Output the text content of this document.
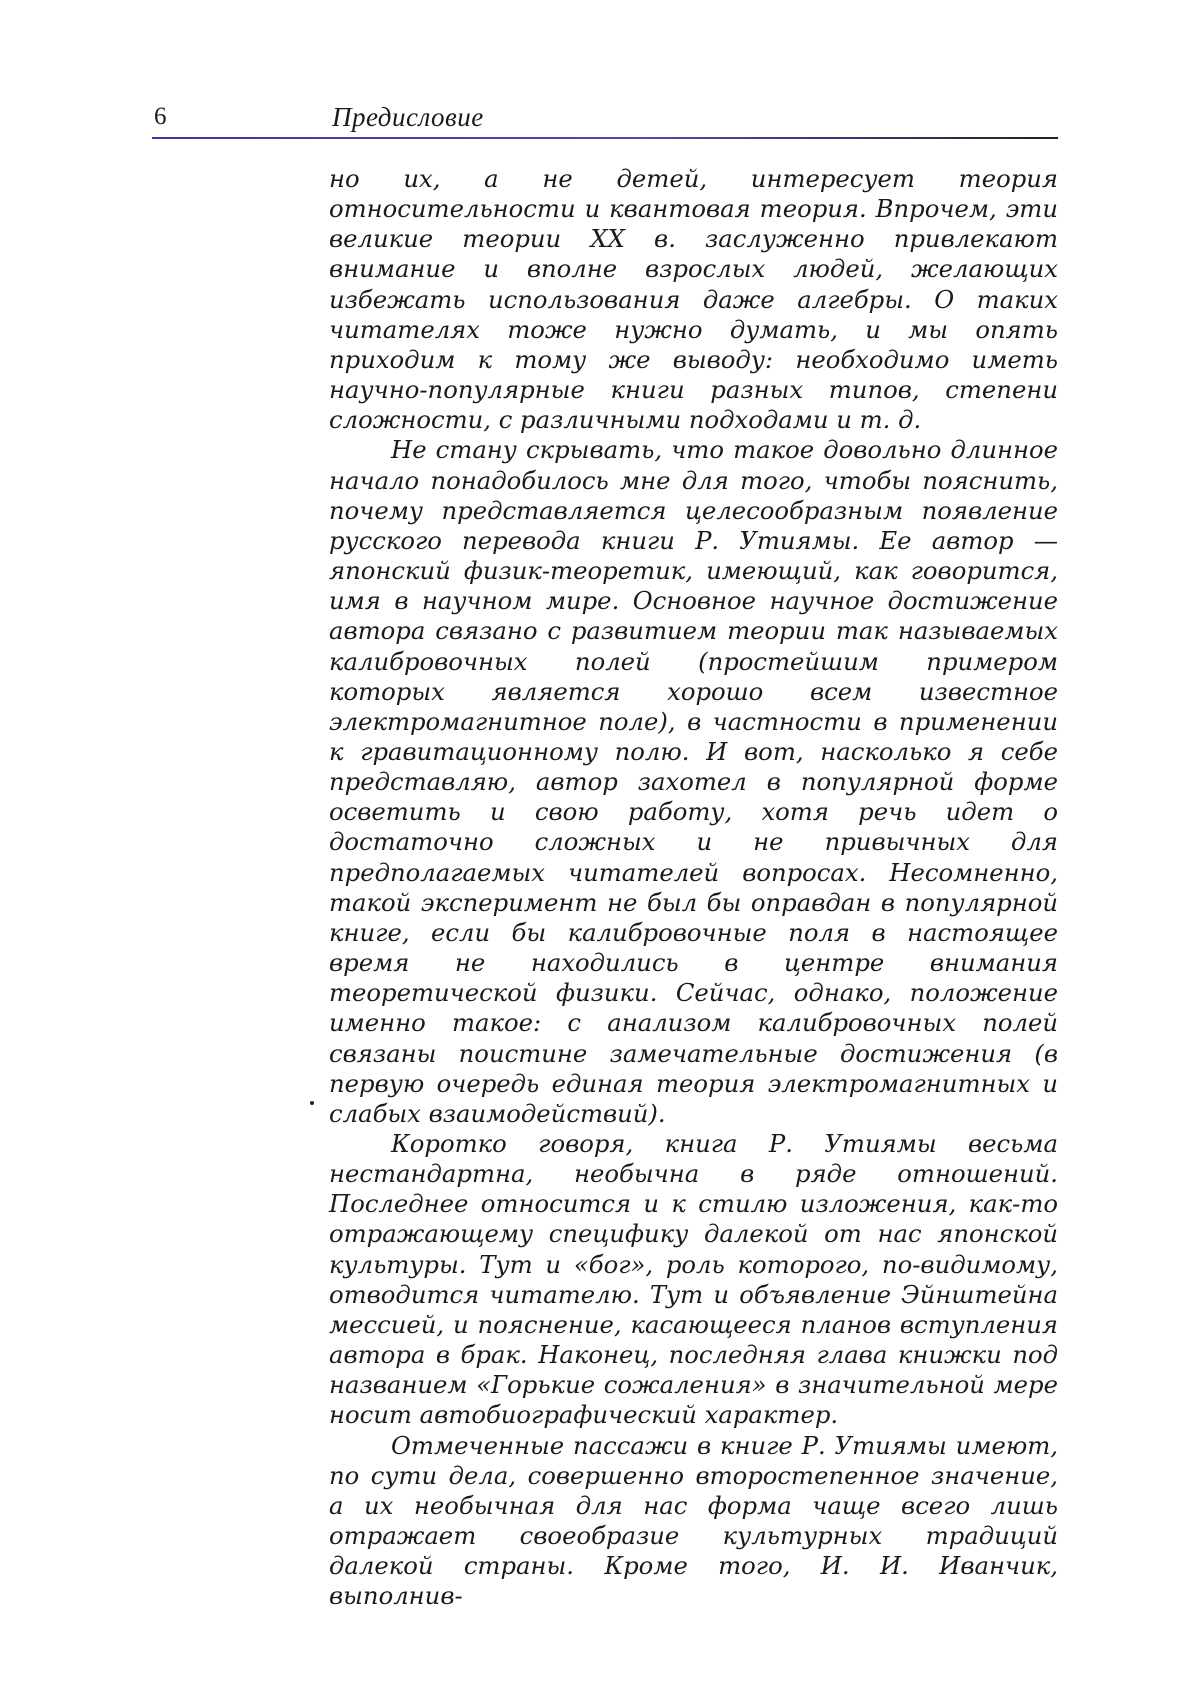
6	Предисловие

но их, а не детей, интересует теория относительности и квантовая теория. Впрочем, эти великие теории XX в. заслуженно привлекают внимание и вполне взрослых людей, желающих избежать использования даже алгебры. О таких читателях тоже нужно думать, и мы опять приходим к тому же выводу: необходимо иметь научно-популярные книги разных типов, степени сложности, с различными подходами и т. д.

Не стану скрывать, что такое довольно длинное начало понадобилось мне для того, чтобы пояснить, почему представляется целесообразным появление русского перевода книги Р. Утиямы. Ее автор — японский физик-теоретик, имеющий, как говорится, имя в научном мире. Основное научное достижение автора связано с развитием теории так называемых калибровочных полей (простейшим примером которых является хорошо всем известное электромагнитное поле), в частности в применении к гравитационному полю. И вот, насколько я себе представляю, автор захотел в популярной форме осветить и свою работу, хотя речь идет о достаточно сложных и не привычных для предполагаемых читателей вопросах. Несомненно, такой эксперимент не был бы оправдан в популярной книге, если бы калибровочные поля в настоящее время не находились в центре внимания теоретической физики. Сейчас, однако, положение именно такое: с анализом калибровочных полей связаны поистине замечательные достижения (в первую очередь единая теория электромагнитных и слабых взаимодействий).

Коротко говоря, книга Р. Утиямы весьма нестандартна, необычна в ряде отношений. Последнее относится и к стилю изложения, как-то отражающему специфику далекой от нас японской культуры. Тут и «бог», роль которого, по-видимому, отводится читателю. Тут и объявление Эйнштейна мессией, и пояснение, касающееся планов вступления автора в брак. Наконец, последняя глава книжки под названием «Горькие сожаления» в значительной мере носит автобиографический характер.

Отмеченные пассажи в книге Р. Утиямы имеют, по сути дела, совершенно второстепенное значение, а их необычная для нас форма чаще всего лишь отражает своеобразие культурных традиций далекой страны. Кроме того, И. И. Иванчик, выполнив-
